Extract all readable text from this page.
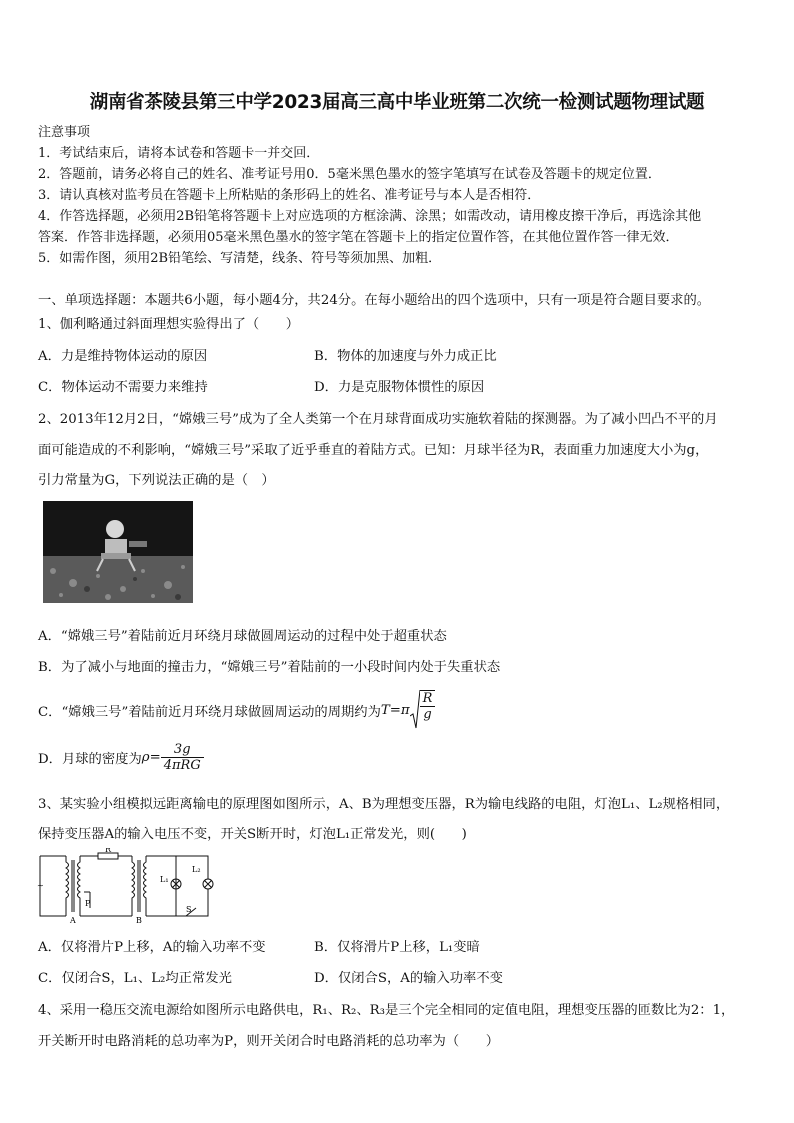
湖南省茶陵县第三中学2023届高三高中毕业班第二次统一检测试题物理试题
注意事项
1．考试结束后，请将本试卷和答题卡一并交回．
2．答题前，请务必将自己的姓名、准考证号用0．5毫米黑色墨水的签字笔填写在试卷及答题卡的规定位置．
3．请认真核对监考员在答题卡上所粘贴的条形码上的姓名、准考证号与本人是否相符．
4．作答选择题，必须用2B铅笔将答题卡上对应选项的方框涂满、涂黑；如需改动，请用橡皮擦干净后，再选涂其他
答案．作答非选择题，必须用05毫米黑色墨水的签字笔在答题卡上的指定位置作答，在其他位置作答一律无效．
5．如需作图，须用2B铅笔绘、写清楚，线条、符号等须加黑、加粗．
一、单项选择题：本题共6小题，每小题4分，共24分。在每小题给出的四个选项中，只有一项是符合题目要求的。
1、伽利略通过斜面理想实验得出了（　　）
A．力是维持物体运动的原因	B．物体的加速度与外力成正比
C．物体运动不需要力来维持	D．力是克服物体惯性的原因
2、2013年12月2日，“嫦娥三号”成为了全人类第一个在月球背面成功实施软着陆的探测器。为了减小凹凸不平的月
面可能造成的不利影响，“嫦娥三号”采取了近乎垂直的着陆方式。已知：月球半径为R，表面重力加速度大小为g，
引力常量为G，下列说法正确的是（　）
A．“嫦娥三号”着陆前近月环绕月球做圆周运动的过程中处于超重状态
B．为了减小与地面的撞击力，“嫦娥三号”着陆前的一小段时间内处于失重状态
C．“嫦娥三号”着陆前近月环绕月球做圆周运动的周期约为 $T=\pi \frac{R}{g}$
D．月球的密度为 $\rho= \frac{3g}{\text{4πRG}}$
3、某实验小组模拟远距离输电的原理图如图所示，A、B为理想变压器，R为输电线路的电阻，灯泡L₁、L₂规格相同，
保持变压器A的输入电压不变，开关S断开时，灯泡L₁正常发光，则(　　)
~
R
P
A	B
L₁
L₂
S
A．仅将滑片P上移，A的输入功率不变	B．仅将滑片P上移，L₁变暗
C．仅闭合S，L₁、L₂均正常发光	D．仅闭合S，A的输入功率不变
4、采用一稳压交流电源给如图所示电路供电，R₁、R₂、R₃是三个完全相同的定值电阻，理想变压器的匝数比为2：1，
开关断开时电路消耗的总功率为P，则开关闭合时电路消耗的总功率为（　　）
